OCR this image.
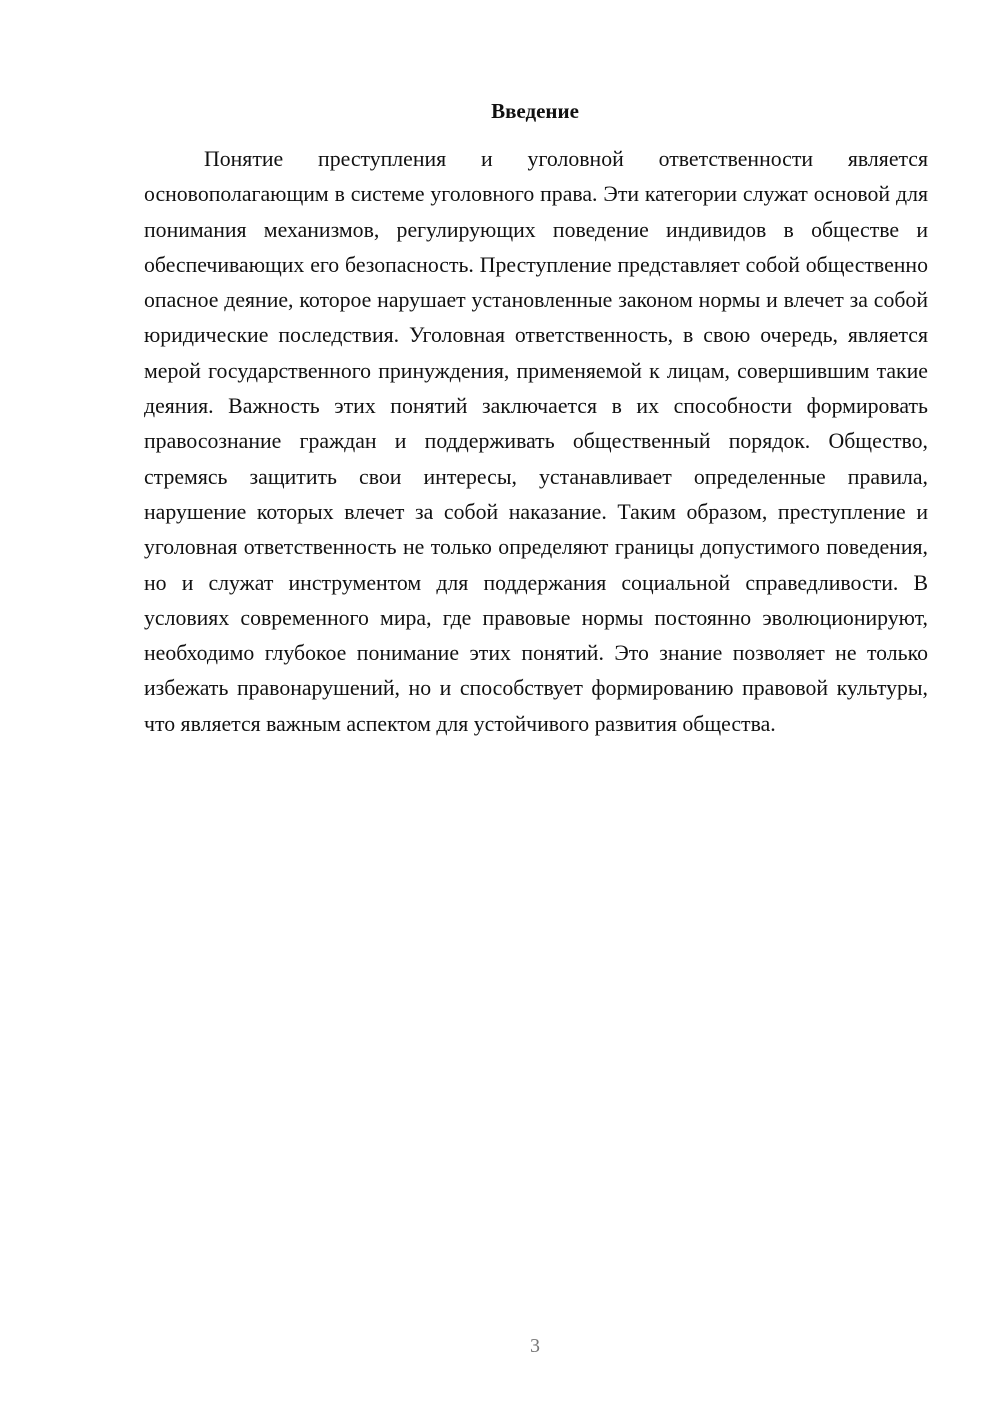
Введение

Понятие преступления и уголовной ответственности является основополагающим в системе уголовного права. Эти категории служат основой для понимания механизмов, регулирующих поведение индивидов в обществе и обеспечивающих его безопасность. Преступление представляет собой общественно опасное деяние, которое нарушает установленные законом нормы и влечет за собой юридические последствия. Уголовная ответственность, в свою очередь, является мерой государственного принуждения, применяемой к лицам, совершившим такие деяния. Важность этих понятий заключается в их способности формировать правосознание граждан и поддерживать общественный порядок. Общество, стремясь защитить свои интересы, устанавливает определенные правила, нарушение которых влечет за собой наказание. Таким образом, преступление и уголовная ответственность не только определяют границы допустимого поведения, но и служат инструментом для поддержания социальной справедливости. В условиях современного мира, где правовые нормы постоянно эволюционируют, необходимо глубокое понимание этих понятий. Это знание позволяет не только избежать правонарушений, но и способствует формированию правовой культуры, что является важным аспектом для устойчивого развития общества.

3
